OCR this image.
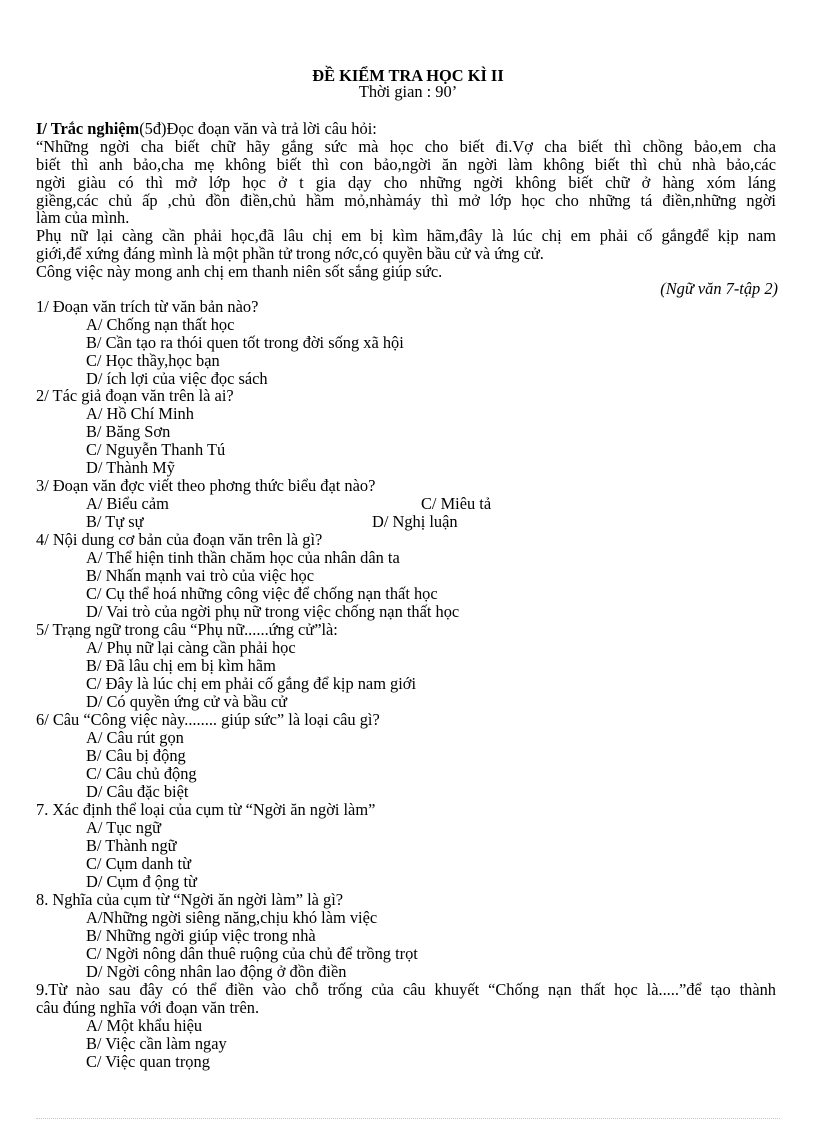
ĐỀ KIỂM TRA HỌC KÌ II
Thời gian : 90’
I/ Trắc nghiệm(5đ)Đọc đoạn văn và trả lời câu hỏi:
“Những ngời cha biết chữ hãy gắng sức mà học cho biết đi.Vợ cha biết thì chồng bảo,em cha
biết thì anh bảo,cha mẹ không biết thì con bảo,ngời ăn ngời làm không biết thì chủ nhà bảo,các
ngời giàu có thì mở lớp học ở t gia dạy cho những ngời không biết chữ ở hàng xóm láng
giềng,các chủ ấp ,chủ đồn điền,chủ hầm mỏ,nhàmáy thì mở lớp học cho những tá điền,những ngời
làm của mình.
Phụ nữ lại càng cần phải học,đã lâu chị em bị kìm hãm,đây là lúc chị em phải cố gắngđể kịp nam
giới,để xứng đáng mình là một phần tử trong nớc,có quyền bầu cử và ứng cử.
Công việc này mong anh chị em thanh niên sốt sắng giúp sức.
(Ngữ văn 7-tập 2)
1/ Đoạn văn trích từ văn bản nào?
A/ Chống nạn thất học
B/ Cần tạo ra thói quen tốt trong đời sống xã hội
C/ Học thầy,học bạn
D/ ích lợi của việc đọc sách
2/ Tác giả đoạn văn trên là ai?
A/ Hồ Chí Minh
B/ Băng Sơn
C/ Nguyễn Thanh Tú
D/ Thành Mỹ
3/ Đoạn văn đợc viết theo phơng thức biểu đạt nào?
A/ Biểu cảm	C/ Miêu tả
B/ Tự sự	D/ Nghị luận
4/ Nội dung cơ bản của đoạn văn trên là gì?
A/ Thể hiện tinh thần chăm học của nhân dân ta
B/ Nhấn mạnh vai trò của việc học
C/ Cụ thể hoá những công việc để chống nạn thất học
D/ Vai trò của ngời phụ nữ trong việc chống nạn thất học
5/ Trạng ngữ trong câu “Phụ nữ......ứng cử”là:
A/ Phụ nữ lại càng cần phải học
B/ Đã lâu chị em bị kìm hãm
C/ Đây là lúc chị em phải cố gắng để kịp nam giới
D/ Có quyền ứng cử và bầu cử
6/ Câu “Công việc này........ giúp sức” là loại câu gì?
A/ Câu rút gọn
B/ Câu bị động
C/ Câu chủ động
D/ Câu đặc biệt
7. Xác định thể loại của cụm từ “Ngời ăn ngời làm”
A/ Tục ngữ
B/ Thành ngữ
C/ Cụm danh từ
D/ Cụm đ ộng từ
8. Nghĩa của cụm từ “Ngời ăn ngời làm” là gì?
A/Những ngời siêng năng,chịu khó làm việc
B/ Những ngời giúp việc trong nhà
C/ Ngời nông dân thuê ruộng của chủ để trồng trọt
D/ Ngời công nhân lao động ở đồn điền
9.Từ nào sau đây có thể điền vào chỗ trống của câu khuyết “Chống nạn thất học là.....”để tạo thành
câu đúng nghĩa với đoạn văn trên.
A/ Một khẩu hiệu
B/ Việc cần làm ngay
C/ Việc quan trọng
